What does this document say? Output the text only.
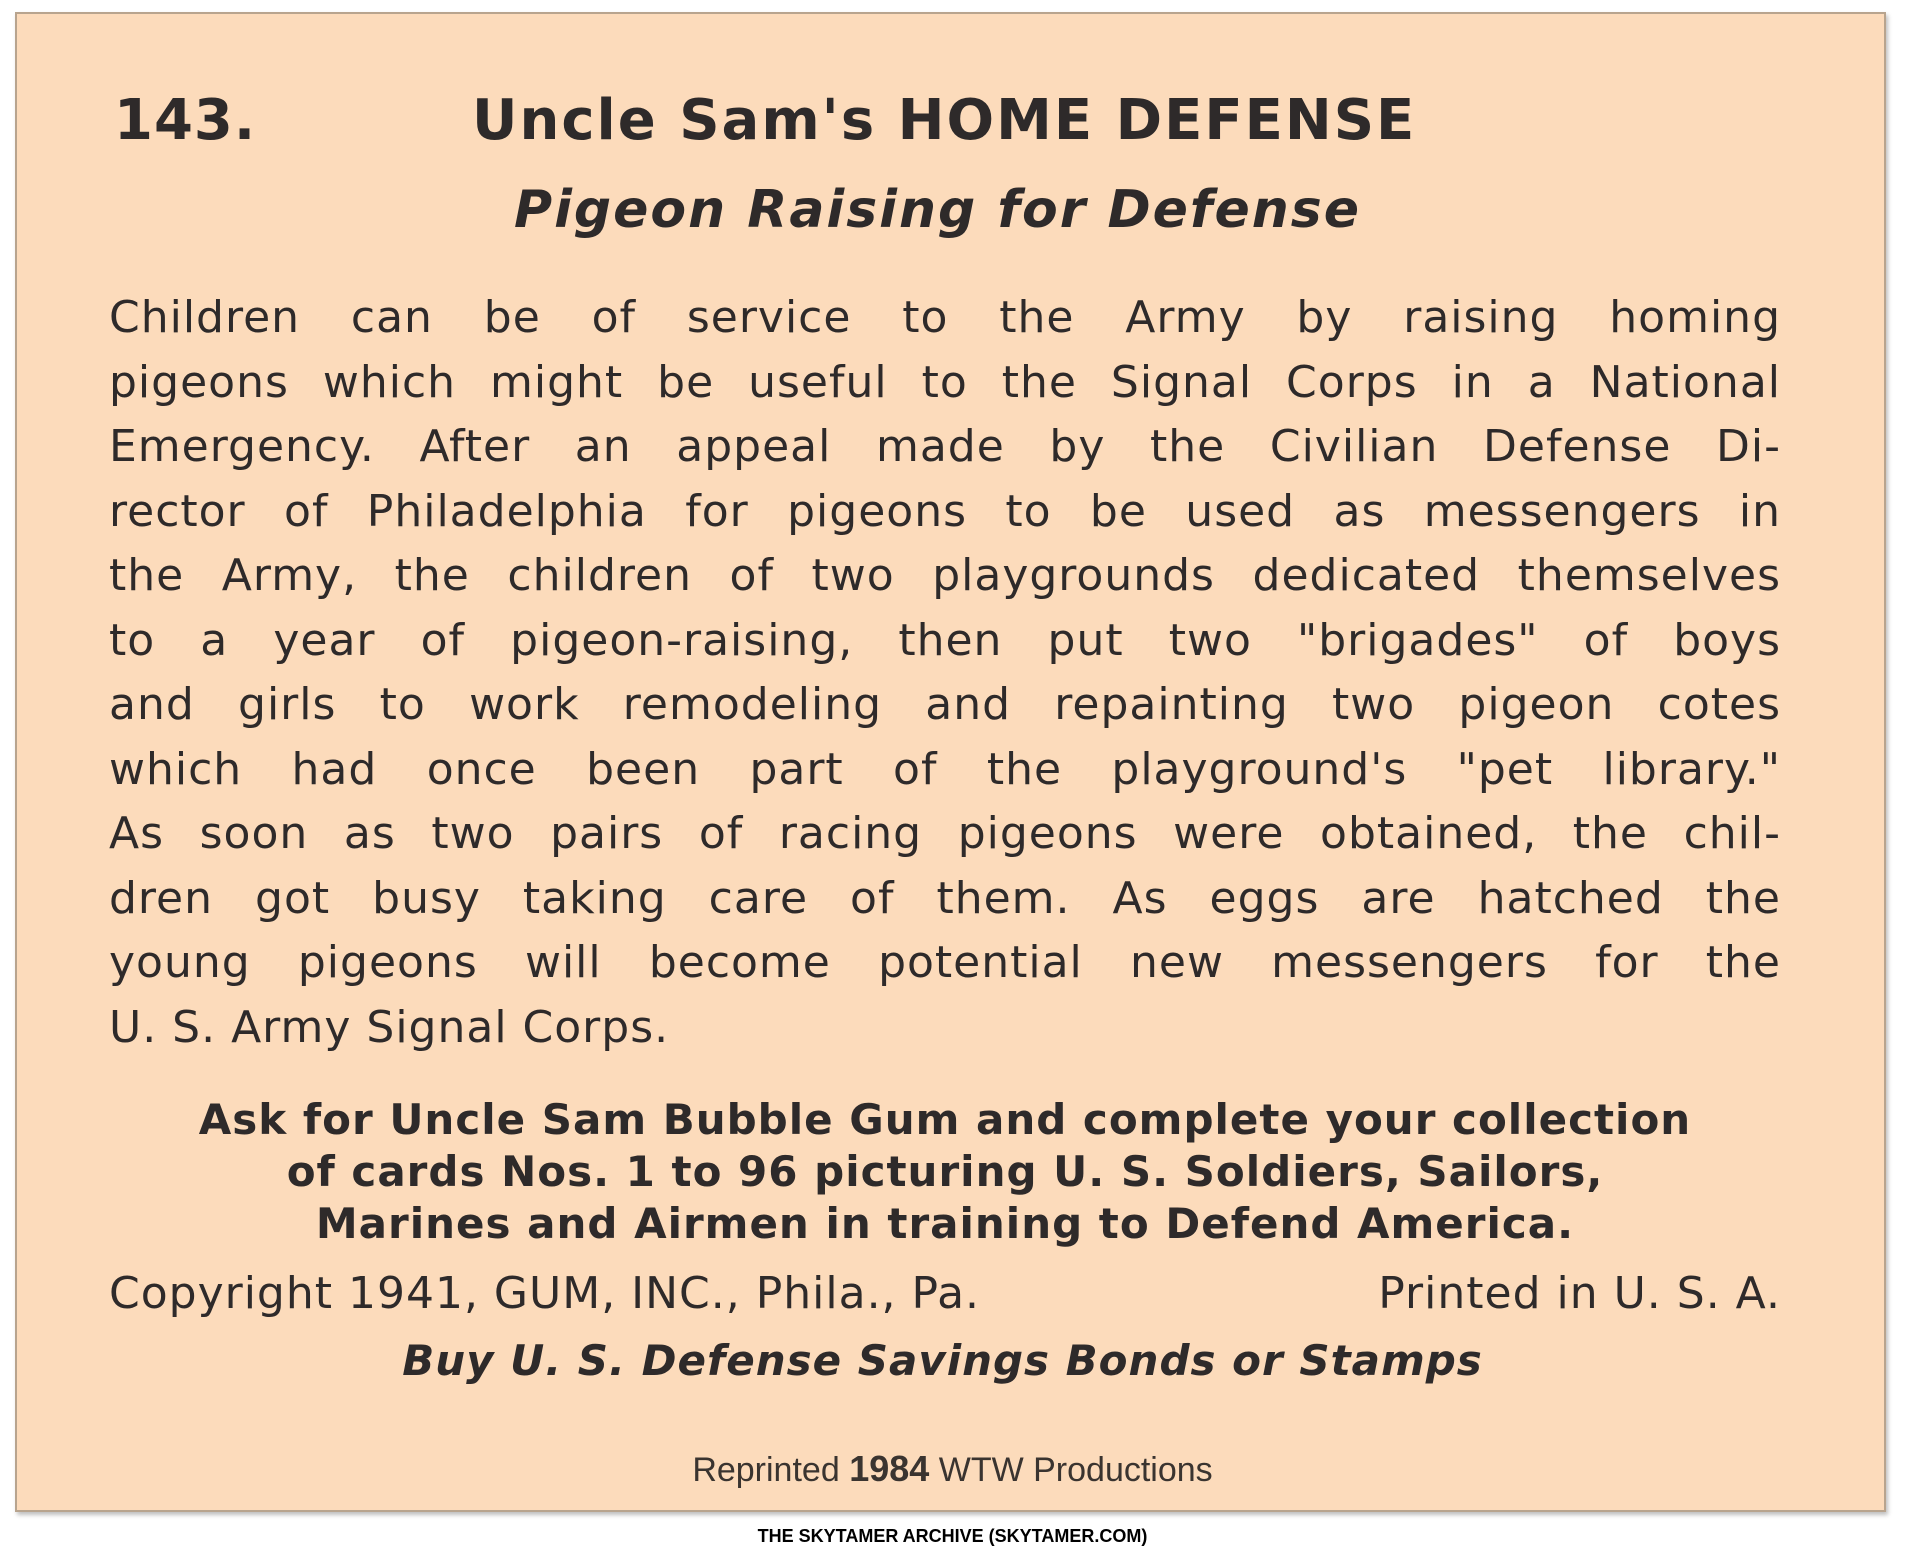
143.	Uncle Sam's HOME DEFENSE
Pigeon Raising for Defense
Children can be of service to the Army by raising homing
pigeons which might be useful to the Signal Corps in a National
Emergency. After an appeal made by the Civilian Defense Di-
rector of Philadelphia for pigeons to be used as messengers in
the Army, the children of two playgrounds dedicated themselves
to a year of pigeon-raising, then put two "brigades" of boys
and girls to work remodeling and repainting two pigeon cotes
which had once been part of the playground's "pet library."
As soon as two pairs of racing pigeons were obtained, the chil-
dren got busy taking care of them. As eggs are hatched the
young pigeons will become potential new messengers for the
U. S. Army Signal Corps.
Ask for Uncle Sam Bubble Gum and complete your collection
of cards Nos. 1 to 96 picturing U. S. Soldiers, Sailors,
Marines and Airmen in training to Defend America.
Copyright 1941, GUM, INC., Phila., Pa.	Printed in U. S. A.
Buy U. S. Defense Savings Bonds or Stamps
Reprinted 1984 WTW Productions
THE SKYTAMER ARCHIVE (SKYTAMER.COM)
